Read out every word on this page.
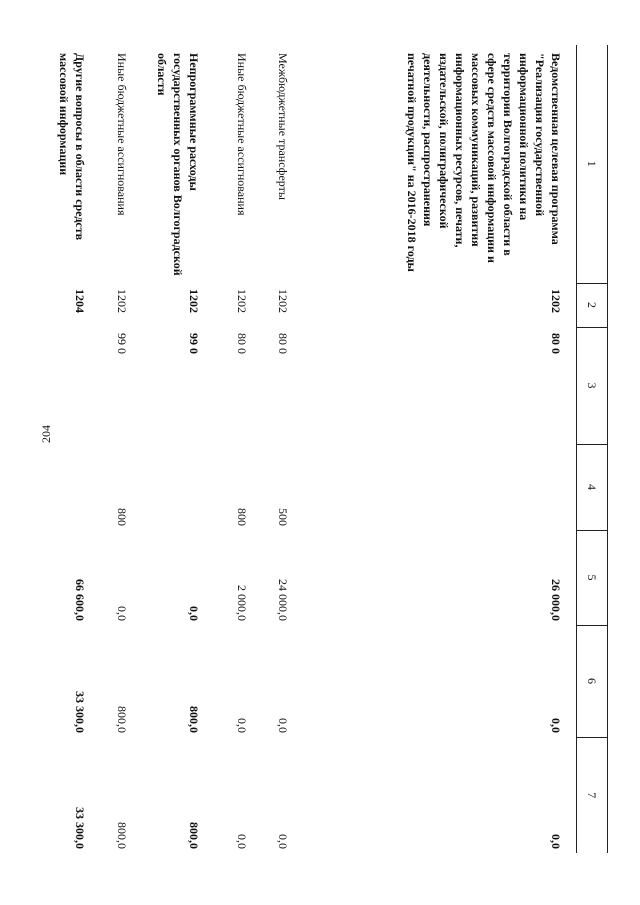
204
1	2	3	4	5	6	7
Ведомственная целевая программа "Реализация государственной информационной политики на территории Волгоградской области в сфере средств массовой информации и массовых коммуникаций, развития информационных ресурсов, печати, издательской, полиграфической деятельности, распространения печатной продукции" на 2016-2018 годы	1202	80 0		26 000,0	0,0	0,0
Межбюджетные трансферты	1202	80 0	500	24 000,0	0,0	0,0
Иные бюджетные ассигнования	1202	80 0	800	2 000,0	0,0	0,0
Непрограммные расходы государственных органов Волгоградской области	1202	99 0		0,0	800,0	800,0
Иные бюджетные ассигнования	1202	99 0	800	0,0	800,0	800,0
Другие вопросы в области средств массовой информации	1204			66 600,0	33 300,0	33 300,0
